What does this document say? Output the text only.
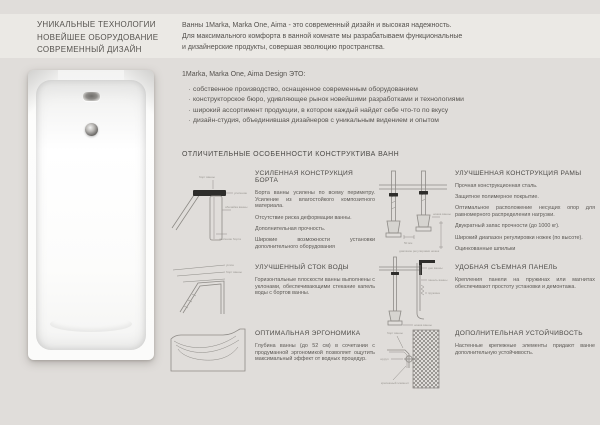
УНИКАЛЬНЫЕ ТЕХНОЛОГИИ
НОВЕЙШЕЕ ОБОРУДОВАНИЕ
СОВРЕМЕННЫЙ ДИЗАЙН
Ванны 1Marka, Marka One, Aima - это современный дизайн и высокая надежность.
Для максимального комфорта в ванной комнате мы разрабатываем функциональные
и дизайнерские продукты, совершая эволюцию пространства.
1Marka, Marka One, Aima Design ЭТО:
· собственное производство, оснащенное современным оборудованием
· конструкторское бюро, удивляющее рынок новейшими разработками и технологиями
· широкий ассортимент продукции, в котором каждый найдет себе что-то по вкусу
· дизайн-студия, объединившая дизайнеров с уникальным видением и опытом
ОТЛИЧИТЕЛЬНЫЕ ОСОБЕННОСТИ КОНСТРУКТИВА ВАНН
борт ванны
усиление
обечайка ванны
усиление борта
УСИЛЕННАЯ КОНСТРУКЦИЯ БОРТА

Борта ванны усилены по всему периметру. Усиление из влагостойкого композитного материала.

Отсутствие риска деформации ванны.

Дополнительная прочность.

Широкие возможности установки дополнительного оборудования

ножка ванны
50 мм
диапазон регулировки ножек
УЛУЧШЕННАЯ КОНСТРУКЦИЯ РАМЫ

Прочная конструкционная сталь.

Защитное полимерное покрытие.

Оптимальное расположение несущих опор для равномерного распределения нагрузки.

Двукратный запас прочности (до 1000 кг).

Широкий диапазон регулировки ножек (по высоте).

Оцинкованные шпильки

уклон
борт ванны
УЛУЧШЕННЫЙ СТОК ВОДЫ

Горизонтальные плоскости ванны выполнены с уклонами, обеспечивающими стекание капель воды с бортов ванны.

дно ванны
панель ванны
пружина
ножка ванны
УДОБНАЯ СЪЕМНАЯ ПАНЕЛЬ

Крепления панели на пружинах или магнитах обеспечивают простоту установки и демонтажа.

ОПТИМАЛЬНАЯ ЭРГОНОМИКА

Глубина ванны (до 52 см) в сочетании с продуманной эргономикой позволяет ощутить максимальный эффект от водных процедур.

борт ванны
шуруп
крепежный элемент
ДОПОЛНИТЕЛЬНАЯ УСТОЙЧИВОСТЬ

Настенные крепежные элементы придают ванне дополнительную устойчивость.
